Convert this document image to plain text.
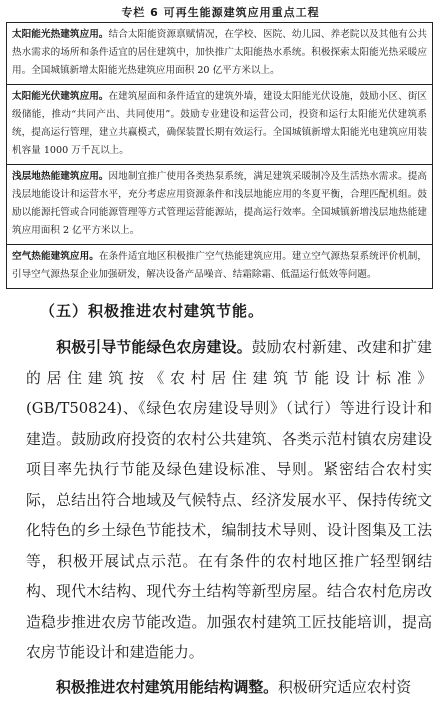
专栏 6 可再生能源建筑应用重点工程
太阳能光热建筑应用。结合太阳能资源禀赋情况，在学校、医院、幼儿园、养老院以及其他有公共热水需求的场所和条件适宜的居住建筑中，加快推广太阳能热水系统。积极探索太阳能光热采暖应用。全国城镇新增太阳能光热建筑应用面积 20 亿平方米以上。
太阳能光伏建筑应用。在建筑屋面和条件适宜的建筑外墙，建设太阳能光伏设施，鼓励小区、街区级储能，推动“共同产出、共同使用”。鼓励专业建设和运营公司，投资和运行太阳能光伏建筑系统，提高运行管理，建立共赢模式，确保装置长期有效运行。全国城镇新增太阳能光电建筑应用装机容量 1000 万千瓦以上。
浅层地热能建筑应用。因地制宜推广使用各类热泵系统，满足建筑采暖制冷及生活热水需求。提高浅层地能设计和运营水平，充分考虑应用资源条件和浅层地能应用的冬夏平衡，合理匹配机组。鼓励以能源托管或合同能源管理等方式管理运营能源站，提高运行效率。全国城镇新增浅层地热能建筑应用面积 2 亿平方米以上。
空气热能建筑应用。在条件适宜地区积极推广空气热能建筑应用。建立空气源热泵系统评价机制，引导空气源热泵企业加强研发，解决设备产品噪音、结霜除霜、低温运行低效等问题。
（五）积极推进农村建筑节能。
积极引导节能绿色农房建设。鼓励农村新建、改建和扩建的居住建筑按《农村居住建筑节能设计标准》(GB/T50824)、《绿色农房建设导则》（试行）等进行设计和建造。鼓励政府投资的农村公共建筑、各类示范村镇农房建设项目率先执行节能及绿色建设标准、导则。紧密结合农村实际，总结出符合地域及气候特点、经济发展水平、保持传统文化特色的乡土绿色节能技术，编制技术导则、设计图集及工法等，积极开展试点示范。在有条件的农村地区推广轻型钢结构、现代木结构、现代夯土结构等新型房屋。结合农村危房改造稳步推进农房节能改造。加强农村建筑工匠技能培训，提高农房节能设计和建造能力。
积极推进农村建筑用能结构调整。积极研究适应农村资
